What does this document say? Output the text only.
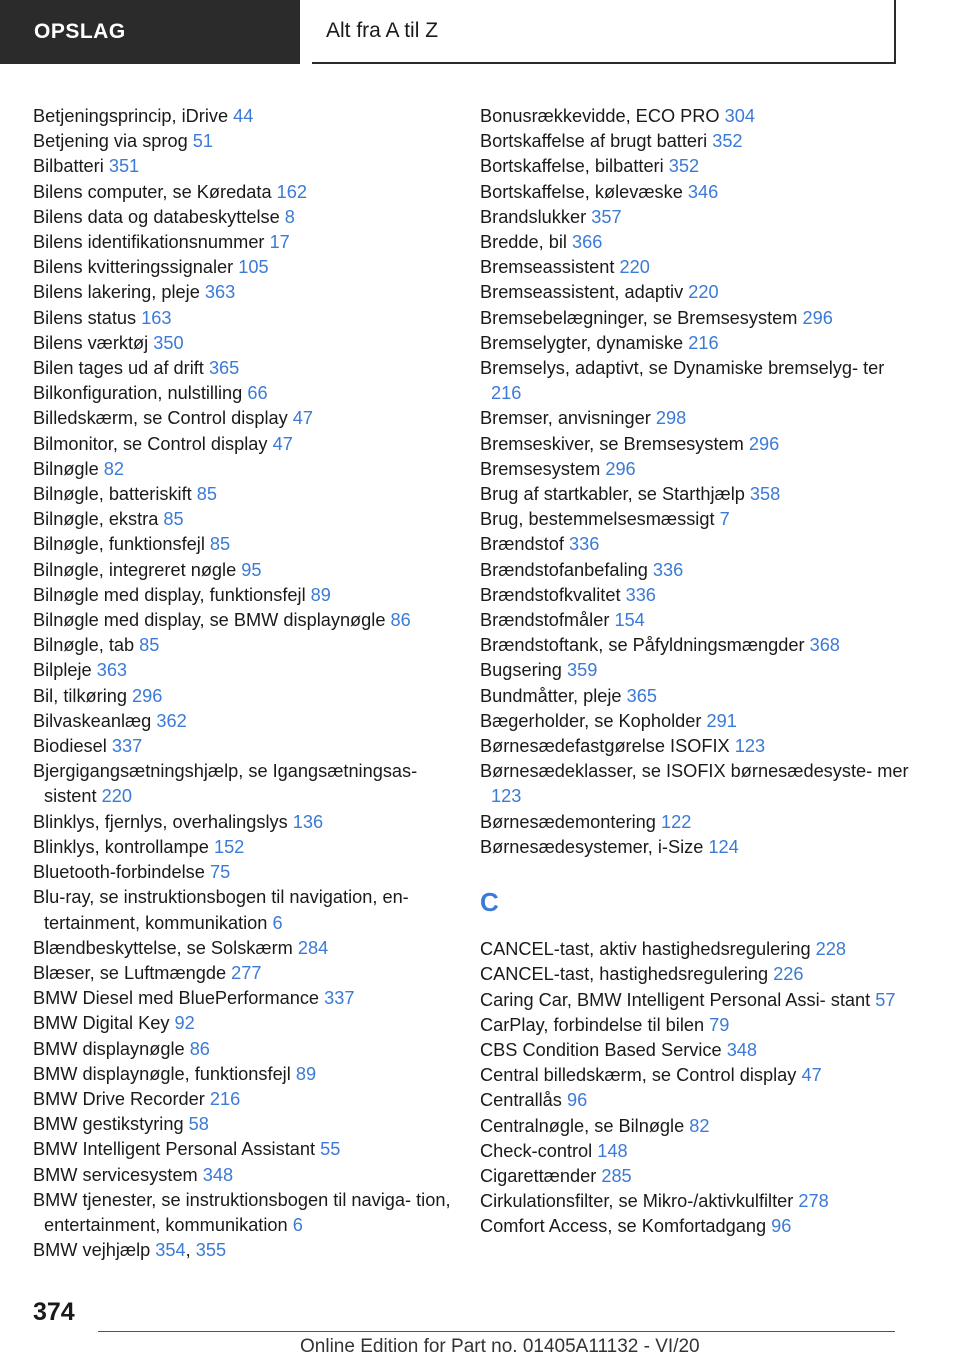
OPSLAG	Alt fra A til Z
Betjeningsprincip, iDrive 44
Betjening via sprog 51
Bilbatteri 351
Bilens computer, se Køredata 162
Bilens data og databeskyttelse 8
Bilens identifikationsnummer 17
Bilens kvitteringssignaler 105
Bilens lakering, pleje 363
Bilens status 163
Bilens værktøj 350
Bilen tages ud af drift 365
Bilkonfiguration, nulstilling 66
Billedskærm, se Control display 47
Bilmonitor, se Control display 47
Bilnøgle 82
Bilnøgle, batteriskift 85
Bilnøgle, ekstra 85
Bilnøgle, funktionsfejl 85
Bilnøgle, integreret nøgle 95
Bilnøgle med display, funktionsfejl 89
Bilnøgle med display, se BMW displaynøgle 86
Bilnøgle, tab 85
Bilpleje 363
Bil, tilkøring 296
Bilvaskeanlæg 362
Biodiesel 337
Bjergigangsætningshjælp, se Igangsætningsas‐ sistent 220
Blinklys, fjernlys, overhalingslys 136
Blinklys, kontrollampe 152
Bluetooth-forbindelse 75
Blu-ray, se instruktionsbogen til navigation, en‐ tertainment, kommunikation 6
Blændbeskyttelse, se Solskærm 284
Blæser, se Luftmængde 277
BMW Diesel med BluePerformance 337
BMW Digital Key 92
BMW displaynøgle 86
BMW displaynøgle, funktionsfejl 89
BMW Drive Recorder 216
BMW gestikstyring 58
BMW Intelligent Personal Assistant 55
BMW servicesystem 348
BMW tjenester, se instruktionsbogen til naviga‐ tion, entertainment, kommunikation 6
BMW vejhjælp 354, 355
Bonusrækkevidde, ECO PRO 304
Bortskaffelse af brugt batteri 352
Bortskaffelse, bilbatteri 352
Bortskaffelse, kølevæske 346
Brandslukker 357
Bredde, bil 366
Bremseassistent 220
Bremseassistent, adaptiv 220
Bremsebelægninger, se Bremsesystem 296
Bremselygter, dynamiske 216
Bremselys, adaptivt, se Dynamiske bremselyg‐ ter 216
Bremser, anvisninger 298
Bremseskiver, se Bremsesystem 296
Bremsesystem 296
Brug af startkabler, se Starthjælp 358
Brug, bestemmelsesmæssigt 7
Brændstof 336
Brændstofanbefaling 336
Brændstofkvalitet 336
Brændstofmåler 154
Brændstoftank, se Påfyldningsmængder 368
Bugsering 359
Bundmåtter, pleje 365
Bægerholder, se Kopholder 291
Børnesædefastgørelse ISOFIX 123
Børnesædeklasser, se ISOFIX børnesædesyste‐ mer 123
Børnesædemontering 122
Børnesædesystemer, i-Size 124
C
CANCEL-tast, aktiv hastighedsregulering 228
CANCEL-tast, hastighedsregulering 226
Caring Car, BMW Intelligent Personal Assi‐ stant 57
CarPlay, forbindelse til bilen 79
CBS Condition Based Service 348
Central billedskærm, se Control display 47
Centrallås 96
Centralnøgle, se Bilnøgle 82
Check-control 148
Cigarettænder 285
Cirkulationsfilter, se Mikro-/aktivkulfilter 278
Comfort Access, se Komfortadgang 96
374
Online Edition for Part no. 01405A11132 - VI/20
